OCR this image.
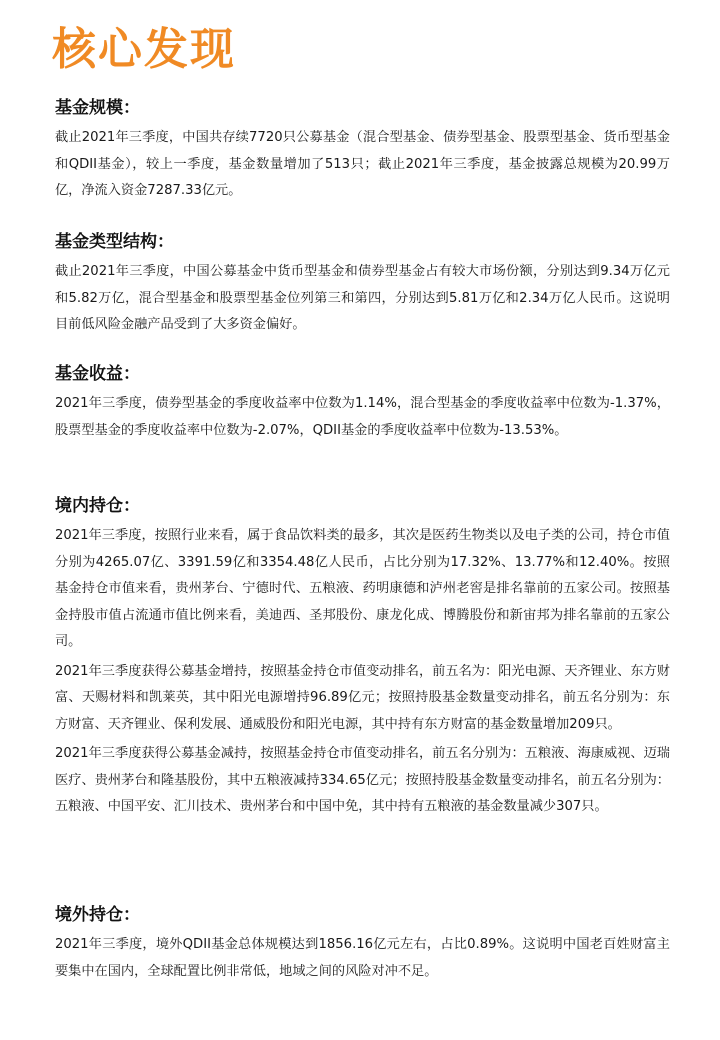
核心发现
基金规模：

截止2021年三季度，中国共存续7720只公募基金（混合型基金、债券型基金、股票型基金、货币型基金和QDII基金），较上一季度，基金数量增加了513只；截止2021年三季度，基金披露总规模为20.99万亿，净流入资金7287.33亿元。

基金类型结构：

截止2021年三季度，中国公募基金中货币型基金和债券型基金占有较大市场份额，分别达到9.34万亿元和5.82万亿，混合型基金和股票型基金位列第三和第四，分别达到5.81万亿和2.34万亿人民币。这说明目前低风险金融产品受到了大多资金偏好。

基金收益：

2021年三季度，债券型基金的季度收益率中位数为1.14%，混合型基金的季度收益率中位数为-1.37%，股票型基金的季度收益率中位数为-2.07%，QDII基金的季度收益率中位数为-13.53%。

境内持仓：

2021年三季度，按照行业来看，属于食品饮料类的最多，其次是医药生物类以及电子类的公司，持仓市值分别为4265.07亿、3391.59亿和3354.48亿人民币，占比分别为17.32%、13.77%和12.40%。按照基金持仓市值来看，贵州茅台、宁德时代、五粮液、药明康德和泸州老窖是排名靠前的五家公司。按照基金持股市值占流通市值比例来看，美迪西、圣邦股份、康龙化成、博腾股份和新宙邦为排名靠前的五家公司。

2021年三季度获得公募基金增持，按照基金持仓市值变动排名，前五名为：阳光电源、天齐锂业、东方财富、天赐材料和凯莱英，其中阳光电源增持96.89亿元；按照持股基金数量变动排名，前五名分别为：东方财富、天齐锂业、保利发展、通威股份和阳光电源，其中持有东方财富的基金数量增加209只。

2021年三季度获得公募基金减持，按照基金持仓市值变动排名，前五名分别为：五粮液、海康威视、迈瑞医疗、贵州茅台和隆基股份，其中五粮液减持334.65亿元；按照持股基金数量变动排名，前五名分别为：五粮液、中国平安、汇川技术、贵州茅台和中国中免，其中持有五粮液的基金数量减少307只。

境外持仓：

2021年三季度，境外QDII基金总体规模达到1856.16亿元左右，占比0.89%。这说明中国老百姓财富主要集中在国内，全球配置比例非常低，地域之间的风险对冲不足。
